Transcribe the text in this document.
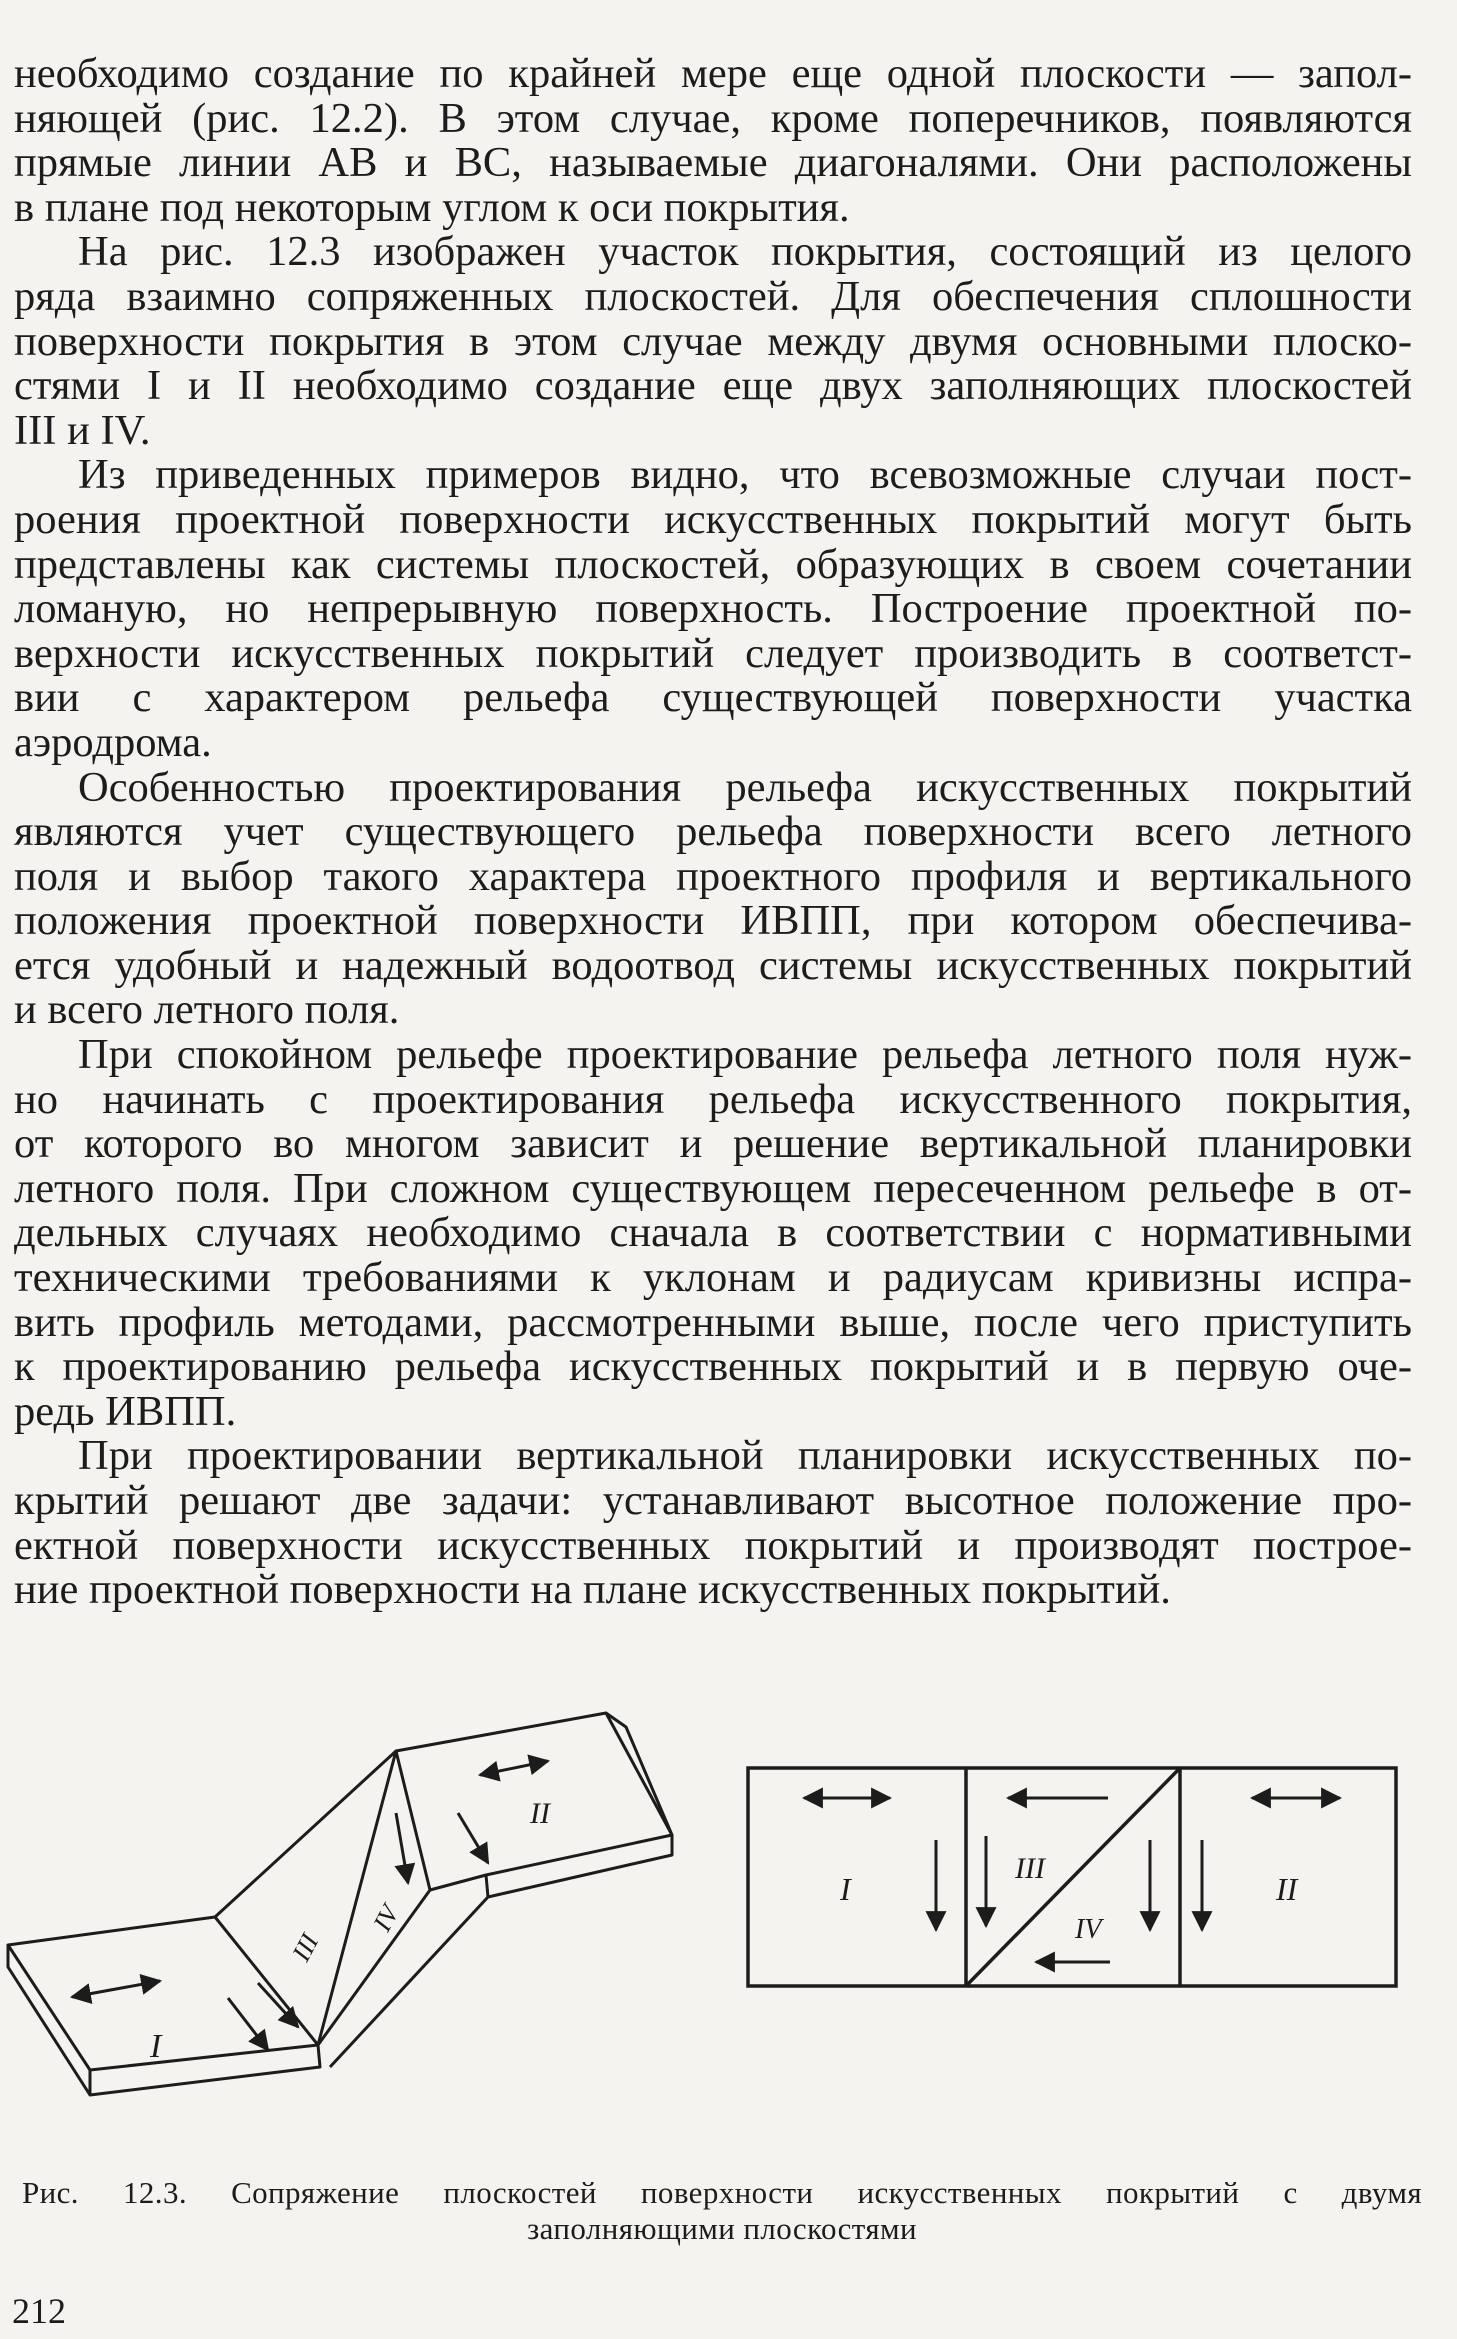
необходимо создание по крайней мере еще одной плоскости — запол-
няющей (рис. 12.2). В этом случае, кроме поперечников, появляются
прямые линии AB и BC, называемые диагоналями. Они расположены
в плане под некоторым углом к оси покрытия.
На рис. 12.3 изображен участок покрытия, состоящий из целого
ряда взаимно сопряженных плоскостей. Для обеспечения сплошности
поверхности покрытия в этом случае между двумя основными плоско-
стями I и II необходимо создание еще двух заполняющих плоскостей
III и IV.
Из приведенных примеров видно, что всевозможные случаи пост-
роения проектной поверхности искусственных покрытий могут быть
представлены как системы плоскостей, образующих в своем сочетании
ломаную, но непрерывную поверхность. Построение проектной по-
верхности искусственных покрытий следует производить в соответст-
вии с характером рельефа существующей поверхности участка
аэродрома.
Особенностью проектирования рельефа искусственных покрытий
являются учет существующего рельефа поверхности всего летного
поля и выбор такого характера проектного профиля и вертикального
положения проектной поверхности ИВПП, при котором обеспечива-
ется удобный и надежный водоотвод системы искусственных покрытий
и всего летного поля.
При спокойном рельефе проектирование рельефа летного поля нуж-
но начинать с проектирования рельефа искусственного покрытия,
от которого во многом зависит и решение вертикальной планировки
летного поля. При сложном существующем пересеченном рельефе в от-
дельных случаях необходимо сначала в соответствии с нормативными
техническими требованиями к уклонам и радиусам кривизны испра-
вить профиль методами, рассмотренными выше, после чего приступить
к проектированию рельефа искусственных покрытий и в первую оче-
редь ИВПП.
При проектировании вертикальной планировки искусственных по-
крытий решают две задачи: устанавливают высотное положение про-
ектной поверхности искусственных покрытий и производят построе-
ние проектной поверхности на плане искусственных покрытий.
I
II
III
IV
I
III
IV
II
Рис. 12.3. Сопряжение плоскостей поверхности искусственных покрытий с двумя
заполняющими плоскостями
212
